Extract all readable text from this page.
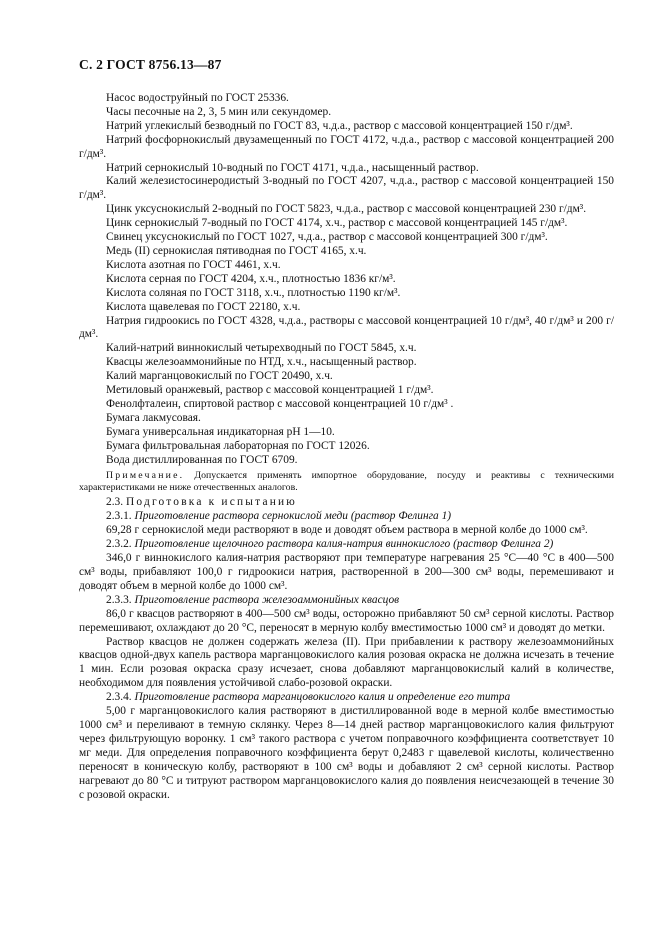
С. 2 ГОСТ 8756.13—87

Насос водоструйный по ГОСТ 25336.

Часы песочные на 2, 3, 5 мин или секундомер.

Натрий углекислый безводный по ГОСТ 83, ч.д.а., раствор с массовой концентрацией 150 г/дм³.

Натрий фосфорнокислый двузамещенный по ГОСТ 4172, ч.д.а., раствор с массовой концентрацией 200 г/дм³.

Натрий сернокислый 10-водный по ГОСТ 4171, ч.д.а., насыщенный раствор.

Калий железистосинеродистый 3-водный по ГОСТ 4207, ч.д.а., раствор с массовой концентрацией 150 г/дм³.

Цинк уксуснокислый 2-водный по ГОСТ 5823, ч.д.а., раствор с массовой концентрацией 230 г/дм³.

Цинк сернокислый 7-водный по ГОСТ 4174, х.ч., раствор с массовой концентрацией 145 г/дм³.

Свинец уксуснокислый по ГОСТ 1027, ч.д.а., раствор с массовой концентрацией 300 г/дм³.

Медь (II) сернокислая пятиводная по ГОСТ 4165, х.ч.

Кислота азотная по ГОСТ 4461, х.ч.

Кислота серная по ГОСТ 4204, х.ч., плотностью 1836 кг/м³.

Кислота соляная по ГОСТ 3118, х.ч., плотностью 1190 кг/м³.

Кислота щавелевая по ГОСТ 22180, х.ч.

Натрия гидроокись по ГОСТ 4328, ч.д.а., растворы с массовой концентрацией 10 г/дм³, 40 г/дм³ и 200 г/дм³.

Калий-натрий виннокислый четырехводный по ГОСТ 5845, х.ч.

Квасцы железоаммонийные по НТД, х.ч., насыщенный раствор.

Калий марганцовокислый по ГОСТ 20490, х.ч.

Метиловый оранжевый, раствор с массовой концентрацией 1 г/дм³.

Фенолфталеин, спиртовой раствор с массовой концентрацией 10 г/дм³ .

Бумага лакмусовая.

Бумага универсальная индикаторная pH 1—10.

Бумага фильтровальная лабораторная по ГОСТ 12026.

Вода дистиллированная по ГОСТ 6709.

Примечание. Допускается применять импортное оборудование, посуду и реактивы с техническими характеристиками не ниже отечественных аналогов.

2.3. Подготовка к испытанию

2.3.1. Приготовление раствора сернокислой меди (раствор Фелинга 1)

69,28 г сернокислой меди растворяют в воде и доводят объем раствора в мерной колбе до 1000 см³.

2.3.2. Приготовление щелочного раствора калия-натрия виннокислого (раствор Фелинга 2)

346,0 г виннокислого калия-натрия растворяют при температуре нагревания 25 °С—40 °С в 400—500 см³ воды, прибавляют 100,0 г гидроокиси натрия, растворенной в 200—300 см³ воды, перемешивают и доводят объем в мерной колбе до 1000 см³.

2.3.3. Приготовление раствора железоаммонийных квасцов

86,0 г квасцов растворяют в 400—500 см³ воды, осторожно прибавляют 50 см³ серной кислоты. Раствор перемешивают, охлаждают до 20 °С, переносят в мерную колбу вместимостью 1000 см³ и доводят до метки.

Раствор квасцов не должен содержать железа (II). При прибавлении к раствору железоаммонийных квасцов одной-двух капель раствора марганцовокислого калия розовая окраска не должна исчезать в течение 1 мин. Если розовая окраска сразу исчезает, снова добавляют марганцовокислый калий в количестве, необходимом для появления устойчивой слабо-розовой окраски.

2.3.4. Приготовление раствора марганцовокислого калия и определение его титра

5,00 г марганцовокислого калия растворяют в дистиллированной воде в мерной колбе вместимостью 1000 см³ и переливают в темную склянку. Через 8—14 дней раствор марганцовокислого калия фильтруют через фильтрующую воронку. 1 см³ такого раствора с учетом поправочного коэффициента соответствует 10 мг меди. Для определения поправочного коэффициента берут 0,2483 г щавелевой кислоты, количественно переносят в коническую колбу, растворяют в 100 см³ воды и добавляют 2 см³ серной кислоты. Раствор нагревают до 80 °С и титруют раствором марганцовокислого калия до появления неисчезающей в течение 30 с розовой окраски.
